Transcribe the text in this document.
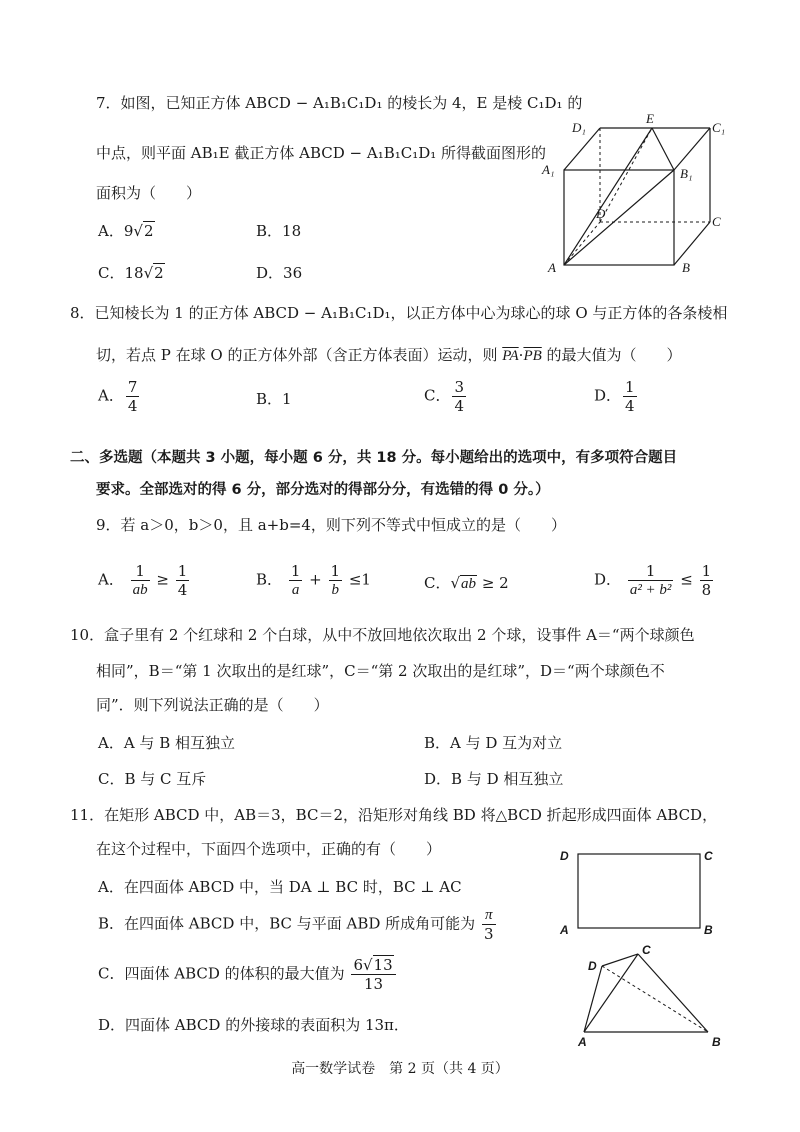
7．如图，已知正方体 ABCD − A₁B₁C₁D₁ 的棱长为 4，E 是棱 C₁D₁ 的
中点，则平面 AB₁E 截正方体 ABCD − A₁B₁C₁D₁ 所得截面图形的
面积为（　　）
A．9√2	B．18
C．18√2	D．36
D₁
E
C₁
A₁	B₁
D
C
A	B
8．已知棱长为 1 的正方体 ABCD − A₁B₁C₁D₁，以正方体中心为球心的球 O 与正方体的各条棱相
切，若点 P 在球 O 的正方体外部（含正方体表面）运动，则 $\overline{PA}\cdot\overline{PB}$ 的最大值为（　　）
A． $\frac{7}{4}$	B．1	C． $\frac{3}{4}$	D． $\frac{1}{4}$
二、多选题（本题共 3 小题，每小题 6 分，共 18 分。每小题给出的选项中，有多项符合题目
要求。全部选对的得 6 分，部分选对的得部分分，有选错的得 0 分。）
9．若 a＞0，b＞0，且 a+b=4，则下列不等式中恒成立的是（　　）
A． $\frac{1}{ab} \ge \frac{1}{4}$	B． $\frac{1}{a} + \frac{1}{b} \le 1$	C．√ab ≥ 2	D． $\frac{1}{\text{a² + b²}} \le \frac{1}{8}$
10．盒子里有 2 个红球和 2 个白球，从中不放回地依次取出 2 个球，设事件 A＝“两个球颜色
相同”，B＝“第 1 次取出的是红球”，C＝“第 2 次取出的是红球”，D＝“两个球颜色不
同”．则下列说法正确的是（　　）
A．A 与 B 相互独立	B．A 与 D 互为对立
C．B 与 C 互斥	D．B 与 D 相互独立
11．在矩形 ABCD 中，AB＝3，BC＝2，沿矩形对角线 BD 将△BCD 折起形成四面体 ABCD，
在这个过程中，下面四个选项中，正确的有（　　）
A．在四面体 ABCD 中，当 DA ⊥ BC 时，BC ⊥ AC
B．在四面体 ABCD 中，BC 与平面 ABD 所成角可能为 $\frac{\pi}{3}$
C．四面体 ABCD 的体积的最大值为 $\frac{6√13}{13}$
D．四面体 ABCD 的外接球的表面积为 13π．
D	C
A	B
D
C
A	B
高一数学试卷　第 2 页（共 4 页）
